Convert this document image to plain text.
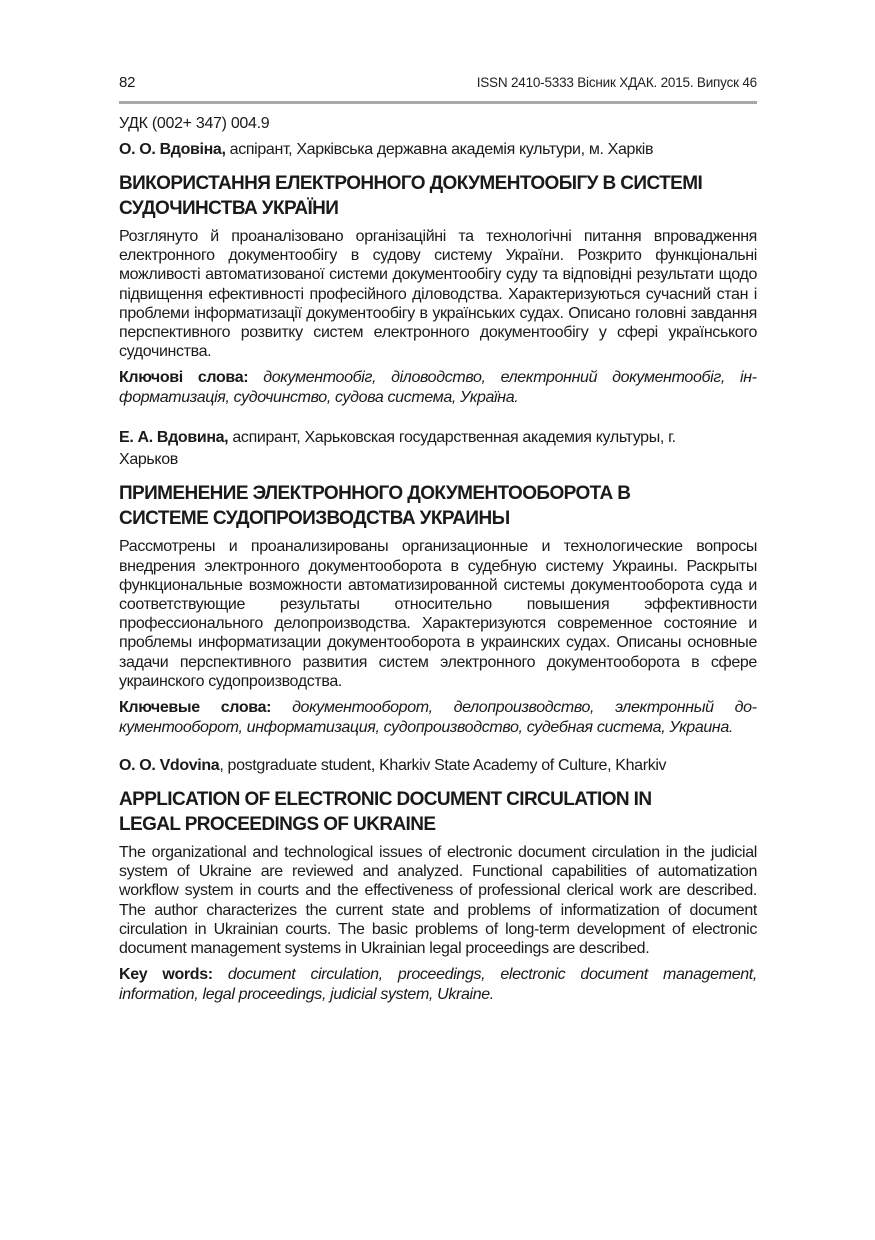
82	ISSN 2410-5333 Вісник ХДАК. 2015. Випуск 46
УДК (002+ 347) 004.9
О. О. Вдовіна, аспірант, Харківська державна академія культури, м. Харків
ВИКОРИСТАННЯ ЕЛЕКТРОННОГО ДОКУМЕНТООБІГУ В СИСТЕМІ СУДОЧИНСТВА УКРАЇНИ

Розглянуто й проаналізовано організаційні та технологічні питання впровадження електронного документообігу в судову систему України. Розкрито функціональні можливості автоматизованої системи документообігу суду та відповідні результати щодо підвищення ефективності професійного діловодства. Характеризуються сучасний стан і проблеми інформатизації документообігу в українських судах. Описано головні завдання перспективного розвитку систем електронного документообігу у сфері українського судочинства.

Ключові слова: документообіг, діловодство, електронний документообіг, інформатизація, судочинство, судова система, Україна.
Е. А. Вдовина, аспирант, Харьковская государственная академия культуры, г. Харьков
ПРИМЕНЕНИЕ ЭЛЕКТРОННОГО ДОКУМЕНТООБОРОТА В СИСТЕМЕ СУДОПРОИЗВОДСТВА УКРАИНЫ

Рассмотрены и проанализированы организационные и технологические вопросы внедрения электронного документооборота в судебную систему Украины. Раскрыты функциональные возможности автоматизированной системы документооборота суда и соответствующие результаты относительно повышения эффективности профессионального делопроизводства. Характеризуются современное состояние и проблемы информатизации документооборота в украинских судах. Описаны основные задачи перспективного развития систем электронного документооборота в сфере украинского судопроизводства.

Ключевые слова: документооборот, делопроизводство, электронный документооборот, информатизация, судопроизводство, судебная система, Украина.
O. O. Vdovina, postgraduate student, Kharkiv State Academy of Culture, Kharkiv
APPLICATION OF ELECTRONIC DOCUMENT CIRCULATION IN LEGAL PROCEEDINGS OF UKRAINE

The organizational and technological issues of electronic document circulation in the judicial system of Ukraine are reviewed and analyzed. Functional capabilities of automatization workflow system in courts and the effectiveness of professional clerical work are described. The author characterizes the current state and problems of informatization of document circulation in Ukrainian courts. The basic problems of long-term development of electronic document management systems in Ukrainian legal proceedings are described.

Key words: document circulation, proceedings, electronic document management, information, legal proceedings, judicial system, Ukraine.
